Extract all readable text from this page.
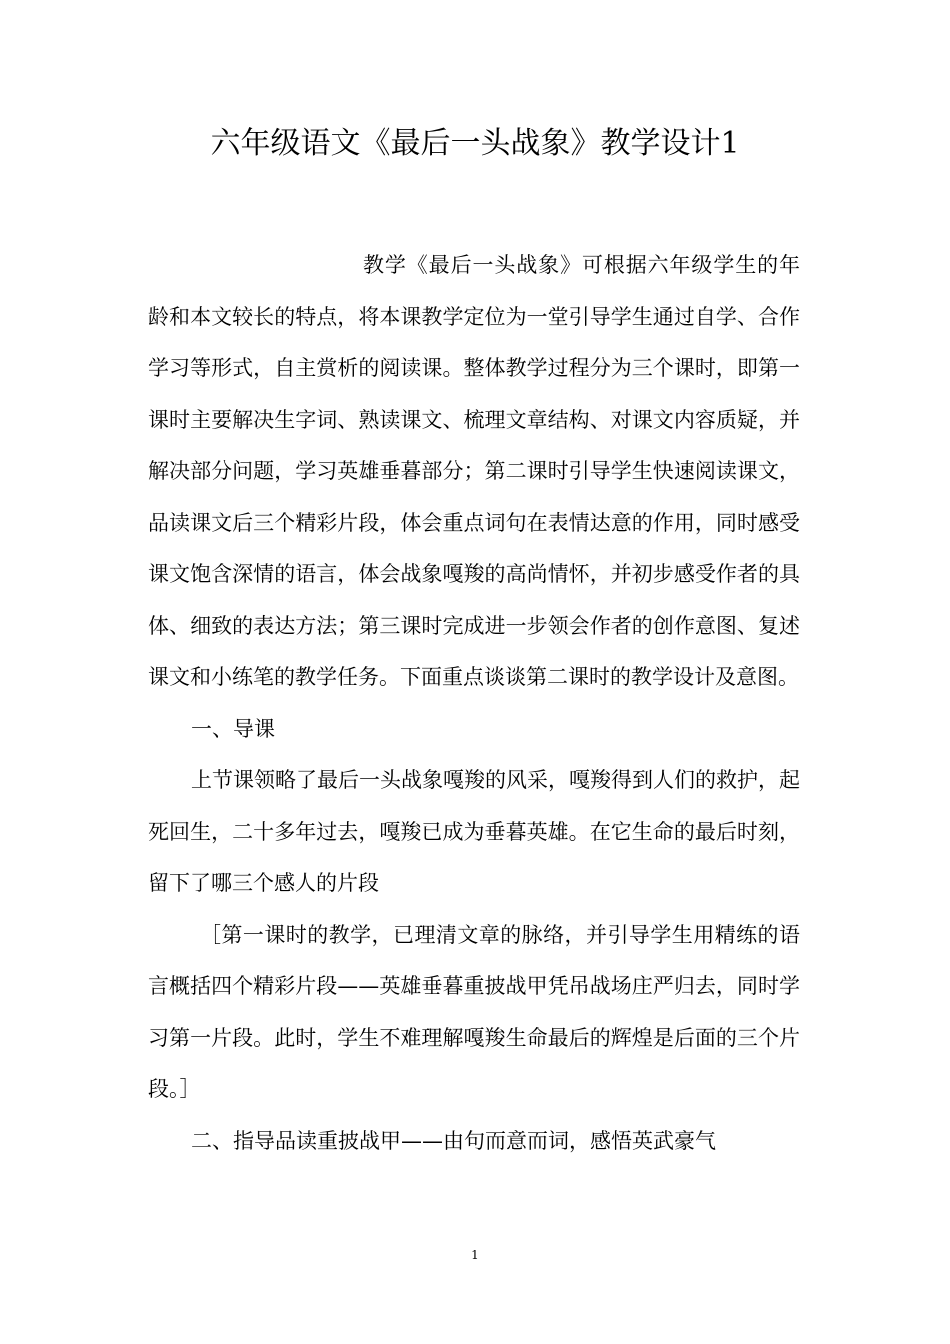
六年级语文《最后一头战象》教学设计1

教学《最后一头战象》可根据六年级学生的年龄和本文较长的特点，将本课教学定位为一堂引导学生通过自学、合作学习等形式，自主赏析的阅读课。整体教学过程分为三个课时，即第一课时主要解决生字词、熟读课文、梳理文章结构、对课文内容质疑，并解决部分问题，学习英雄垂暮部分；第二课时引导学生快速阅读课文，品读课文后三个精彩片段，体会重点词句在表情达意的作用，同时感受课文饱含深情的语言，体会战象嘎羧的高尚情怀，并初步感受作者的具体、细致的表达方法；第三课时完成进一步领会作者的创作意图、复述课文和小练笔的教学任务。下面重点谈谈第二课时的教学设计及意图。

一、导课

上节课领略了最后一头战象嘎羧的风采，嘎羧得到人们的救护，起死回生，二十多年过去，嘎羧已成为垂暮英雄。在它生命的最后时刻，留下了哪三个感人的片段

［第一课时的教学，已理清文章的脉络，并引导学生用精练的语言概括四个精彩片段——英雄垂暮重披战甲凭吊战场庄严归去，同时学习第一片段。此时，学生不难理解嘎羧生命最后的辉煌是后面的三个片段。］

二、指导品读重披战甲——由句而意而词，感悟英武豪气

1
